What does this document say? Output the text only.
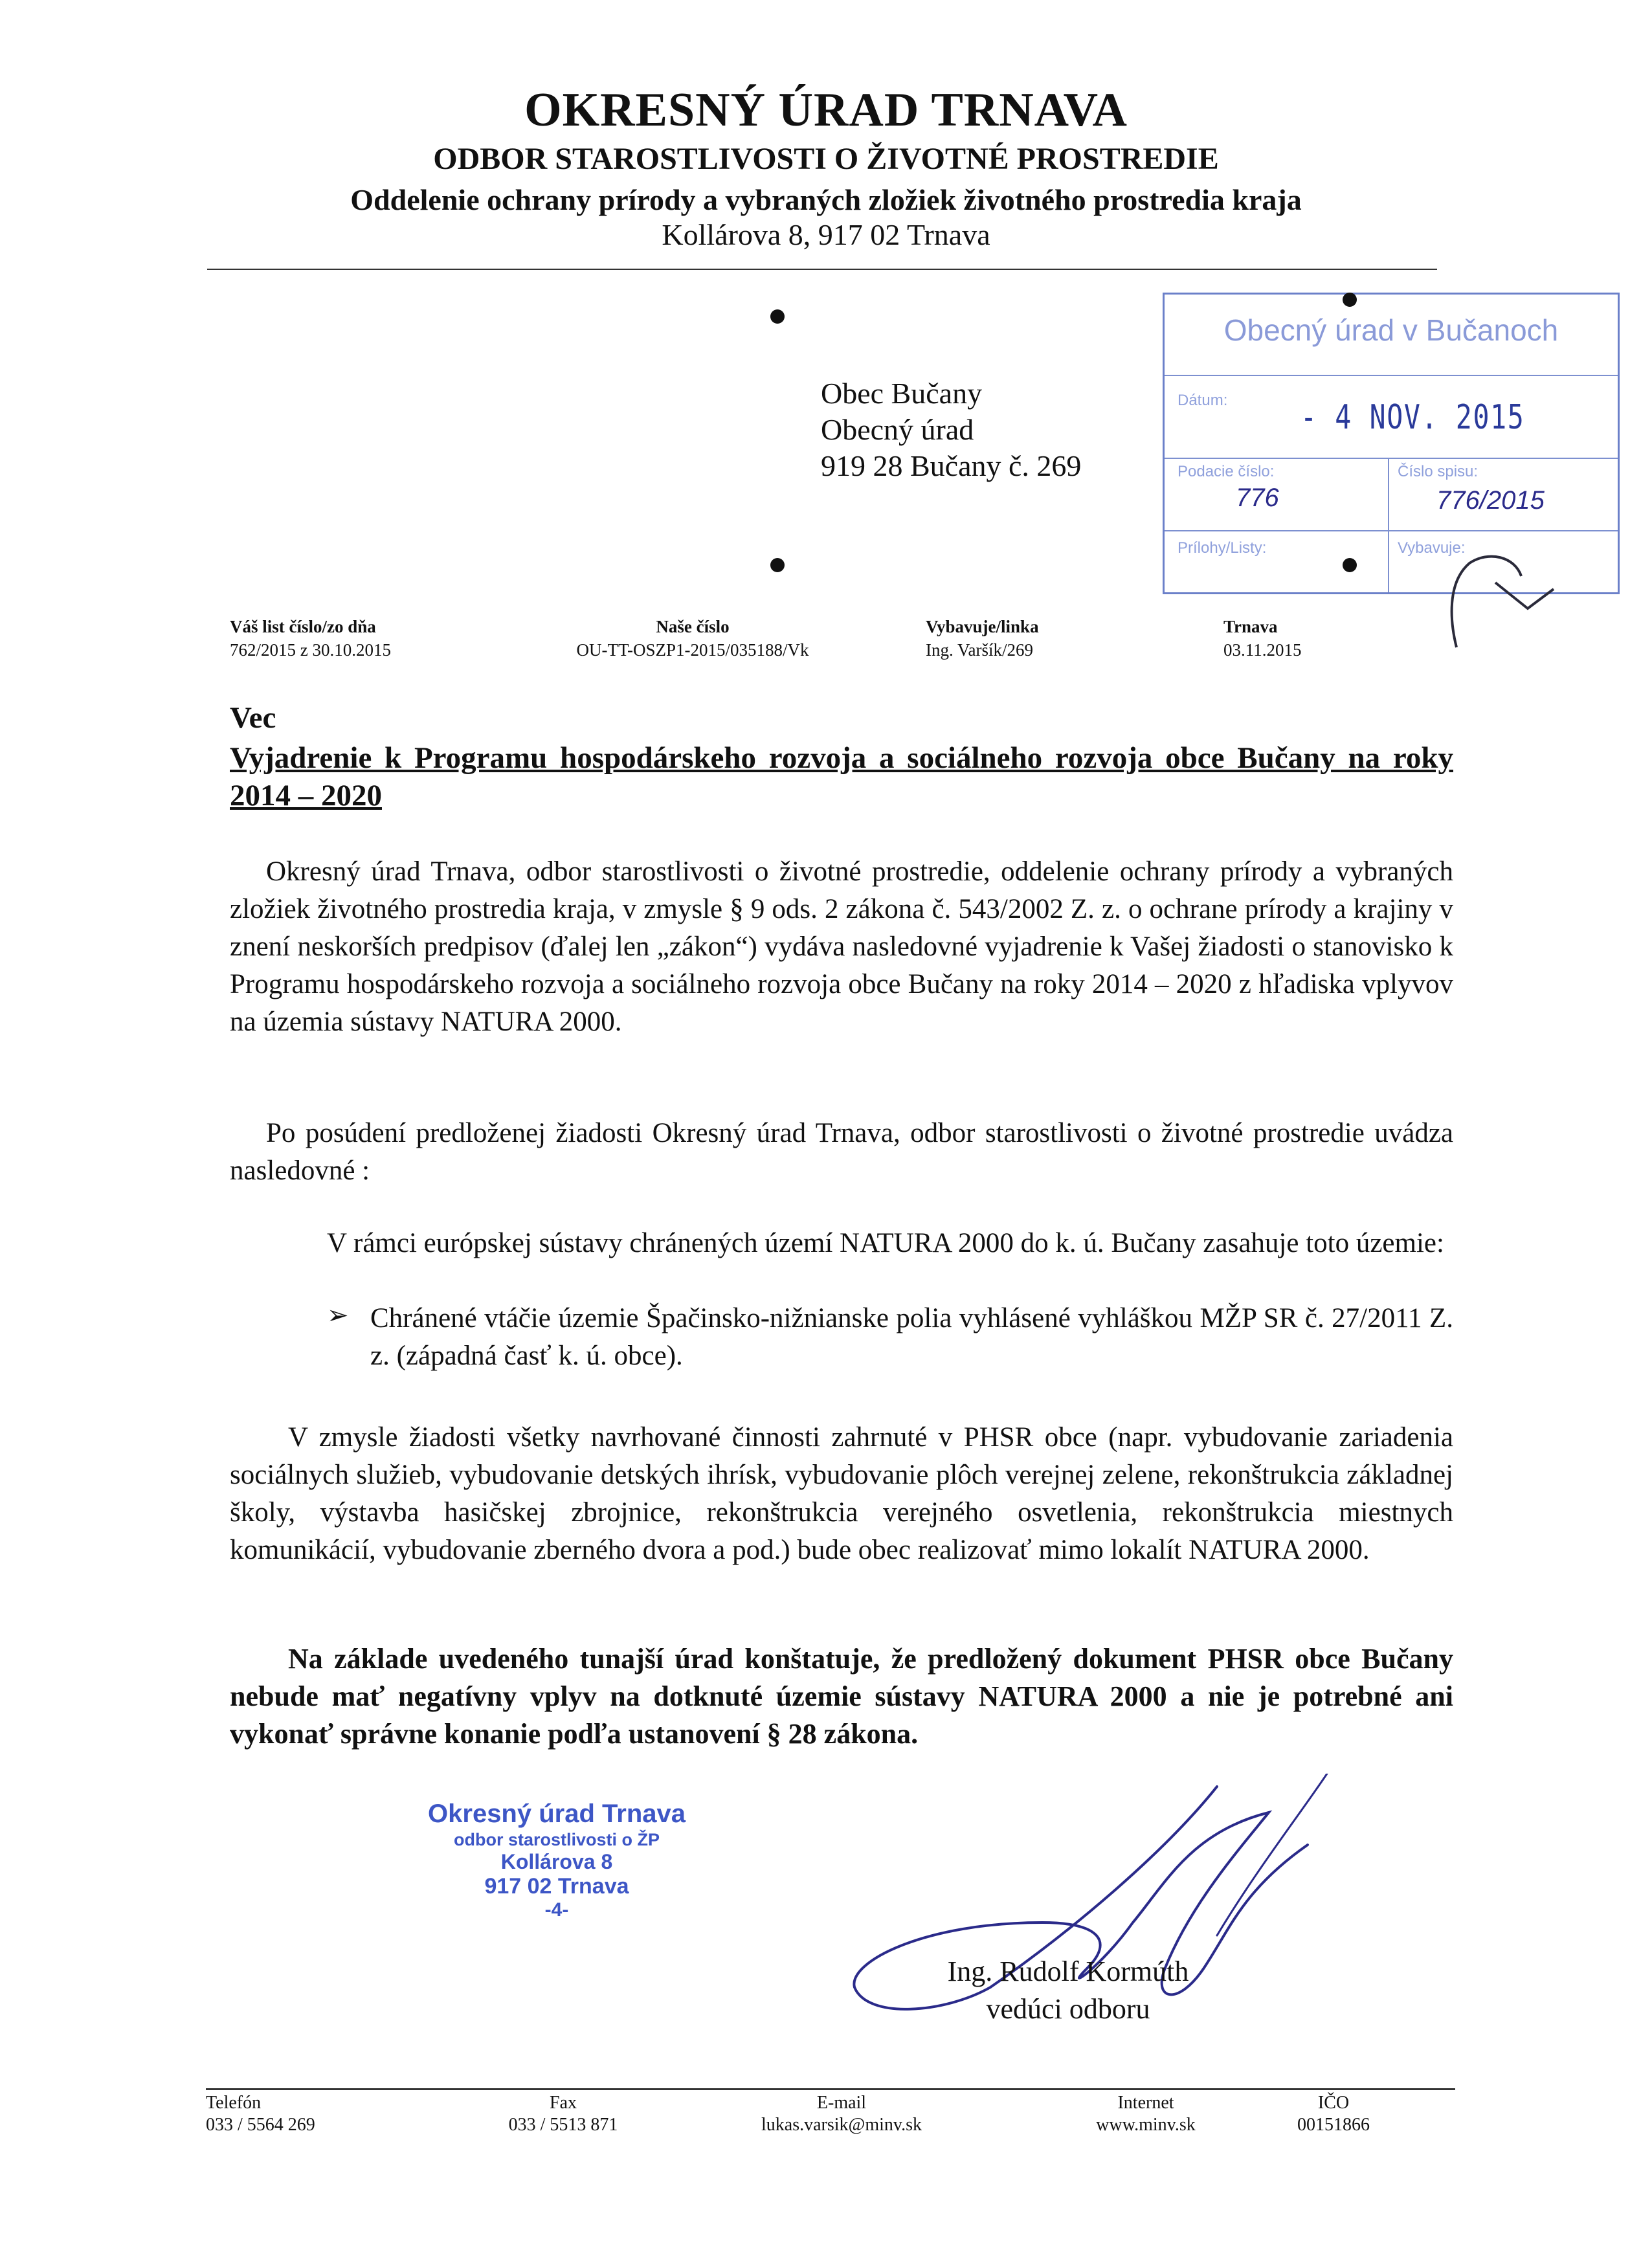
OKRESNÝ ÚRAD TRNAVA
ODBOR STAROSTLIVOSTI O ŽIVOTNÉ PROSTREDIE
Oddelenie ochrany prírody a vybraných zložiek životného prostredia kraja
Kollárova 8, 917 02 Trnava
Obec Bučany
Obecný úrad
919 28 Bučany č. 269
Obecný úrad v Bučanoch
Dátum: - 4 NOV. 2015
Podacie číslo:
776
Číslo spisu:
776/2015
Prílohy/Listy:	Vybavuje:
Váš list číslo/zo dňa
762/2015 z 30.10.2015
Naše číslo
OU-TT-OSZP1-2015/035188/Vk
Vybavuje/linka
Ing. Varšík/269
Trnava
03.11.2015
Vec
Vyjadrenie k Programu hospodárskeho rozvoja a sociálneho rozvoja obce Bučany na roky 2014 – 2020
Okresný úrad Trnava, odbor starostlivosti o životné prostredie, oddelenie ochrany prírody a vybraných zložiek životného prostredia kraja, v zmysle § 9 ods. 2 zákona č. 543/2002 Z. z. o ochrane prírody a krajiny v znení neskorších predpisov (ďalej len „zákon“) vydáva nasledovné vyjadrenie k Vašej žiadosti o stanovisko k Programu hospodárskeho rozvoja a sociálneho rozvoja obce Bučany na roky 2014 – 2020 z hľadiska vplyvov na územia sústavy NATURA 2000.
Po posúdení predloženej žiadosti Okresný úrad Trnava, odbor starostlivosti o životné prostredie uvádza nasledovné :
V rámci európskej sústavy chránených území NATURA 2000 do k. ú. Bučany zasahuje toto územie:
➢ Chránené vtáčie územie Špačinsko-nižnianske polia vyhlásené vyhláškou MŽP SR č. 27/2011 Z. z. (západná časť k. ú. obce).
V zmysle žiadosti všetky navrhované činnosti zahrnuté v PHSR obce (napr. vybudovanie zariadenia sociálnych služieb, vybudovanie detských ihrísk, vybudovanie plôch verejnej zelene, rekonštrukcia základnej školy, výstavba hasičskej zbrojnice, rekonštrukcia verejného osvetlenia, rekonštrukcia miestnych komunikácií, vybudovanie zberného dvora a pod.) bude obec realizovať mimo lokalít NATURA 2000.
Na základe uvedeného tunajší úrad konštatuje, že predložený dokument PHSR obce Bučany nebude mať negatívny vplyv na dotknuté územie sústavy NATURA 2000 a nie je potrebné ani vykonať správne konanie podľa ustanovení § 28 zákona.
Okresný úrad Trnava
odbor starostlivosti o ŽP
Kollárova 8
917 02 Trnava
-4-
Ing. Rudolf Kormúth
vedúci odboru
Telefón
033 / 5564 269
Fax
033 / 5513 871
E-mail
lukas.varsik@minv.sk
Internet
www.minv.sk
IČO
00151866
